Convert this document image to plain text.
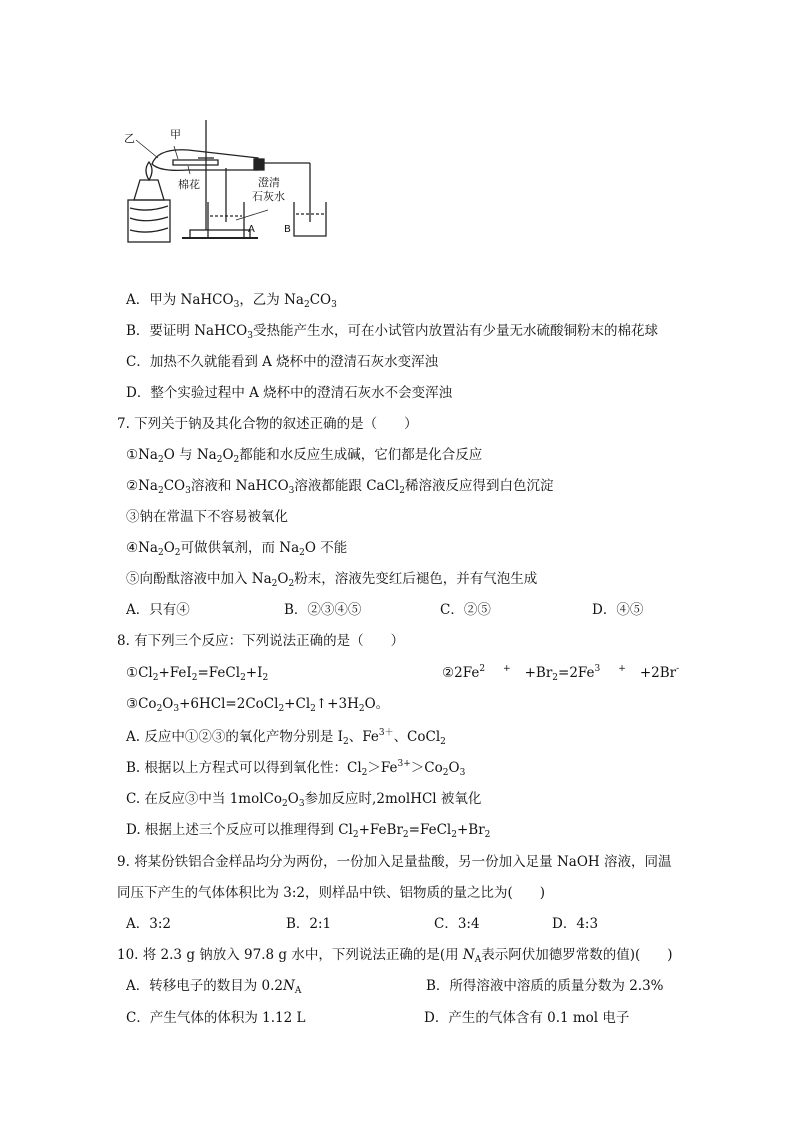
乙	甲
棉花	澄清
石灰水
A	B
A．甲为 NaHCO$_3$，乙为 $Na_2CO_3$
B．要证明 NaHCO$_3$受热能产生水，可在小试管内放置沾有少量无水硫酸铜粉末的棉花球
C．加热不久就能看到 A 烧杯中的澄清石灰水变浑浊
D．整个实验过程中 A 烧杯中的澄清石灰水不会变浑浊
7. 下列关于钠及其化合物的叙述正确的是（　　）
$①Na_2O$ 与 $Na_2O_2$都能和水反应生成碱，它们都是化合反应
$②Na_2CO_3$溶液和 NaHCO$_3$溶液都能跟 CaCl$_2$稀溶液反应得到白色沉淀
③钠在常温下不容易被氧化
$④Na_2O_2$可做供氧剂，而 $Na_2O$ 不能
⑤向酚酞溶液中加入 $Na_2O_2$粉末，溶液先变红后褪色，并有气泡生成
A．只有④	B．②③④⑤	C．②⑤	D．④⑤
8. 有下列三个反应：下列说法正确的是（　　）
$①Cl_2+FeI_2=FeCl_2+I_2$	②2Fe$^2$ $^+ +Br_2=2Fe^3$ + +2Br-
$③Co_2O_3+6HCl=2CoCl_2+Cl_2↑+3H_2O$。
A. 反应中①②③的氧化产物分别是 $I_2$、$Fe^{3+}$、CoCl$_2$
B. 根据以上方程式可以得到氧化性：$Cl_2>Fe^{3+}>Co_2O_3$
C. 在反应③中当 $1molCo_2O_3$参加反应时,2molHCl 被氧化
D. 根据上述三个反应可以推理得到 $Cl_2+FeBr_2=FeCl_2+Br_2$
9. 将某份铁铝合金样品均分为两份，一份加入足量盐酸，另一份加入足量 NaOH 溶液，同温
同压下产生的气体体积比为 3:2，则样品中铁、铝物质的量之比为(　　)
A．3:2	B．2:1	C．3:4	D．4:3
10. 将 2.3 g 钠放入 97.8 g 水中，下列说法正确的是(用 $N_A$表示阿伏加德罗常数的值)(　　)
A．转移电子的数目为 $0.2N_A$	B．所得溶液中溶质的质量分数为 2.3%
C．产生气体的体积为 1.12 L	D．产生的气体含有 0.1 mol 电子
